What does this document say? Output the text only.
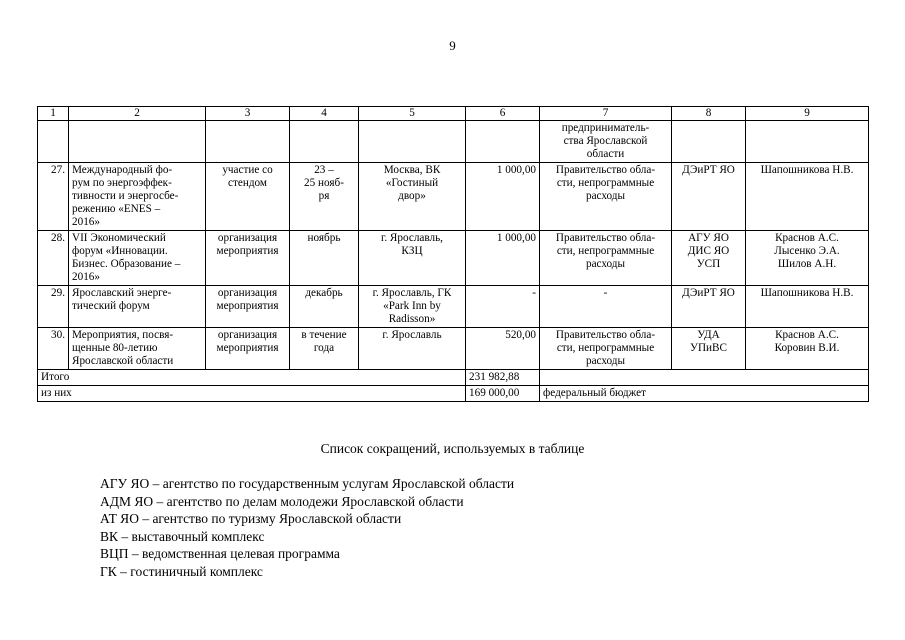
9
1	2	3	4	5	6	7	8	9
						предприниматель-
ства Ярославской
области		
27.	Международный фо-
рум по энергоэффек-
тивности и энергосбе-
режению «ENES –
2016»	участие со
стендом	23 –
25 нояб-
ря	Москва, ВК
«Гостиный
двор»	1 000,00	Правительство обла-
сти, непрограммные
расходы	ДЭиРТ ЯО	Шапошникова Н.В.
28.	VII Экономический
форум «Инновации.
Бизнес. Образование –
2016»	организация
мероприятия	ноябрь	г. Ярославль,
КЗЦ	1 000,00	Правительство обла-
сти, непрограммные
расходы	АГУ ЯО
ДИС ЯО
УСП	Краснов А.С.
Лысенко Э.А.
Шилов А.Н.
29.	Ярославский энерге-
тический форум	организация
мероприятия	декабрь	г. Ярославль, ГК
«Park Inn by
Radisson»	-	-	ДЭиРТ ЯО	Шапошникова Н.В.
30.	Мероприятия, посвя-
щенные 80-летию
Ярославской области	организация
мероприятия	в течение
года	г. Ярославль	520,00	Правительство обла-
сти, непрограммные
расходы	УДА
УПиВС	Краснов А.С.
Коровин В.И.
Итого					231 982,88			
из них					169 000,00	федеральный бюджет		
Список сокращений, используемых в таблице
АГУ ЯО – агентство по государственным услугам Ярославской области
АДМ ЯО – агентство по делам молодежи Ярославской области
АТ ЯО – агентство по туризму Ярославской области
ВК – выставочный комплекс
ВЦП – ведомственная целевая программа
ГК – гостиничный комплекс
